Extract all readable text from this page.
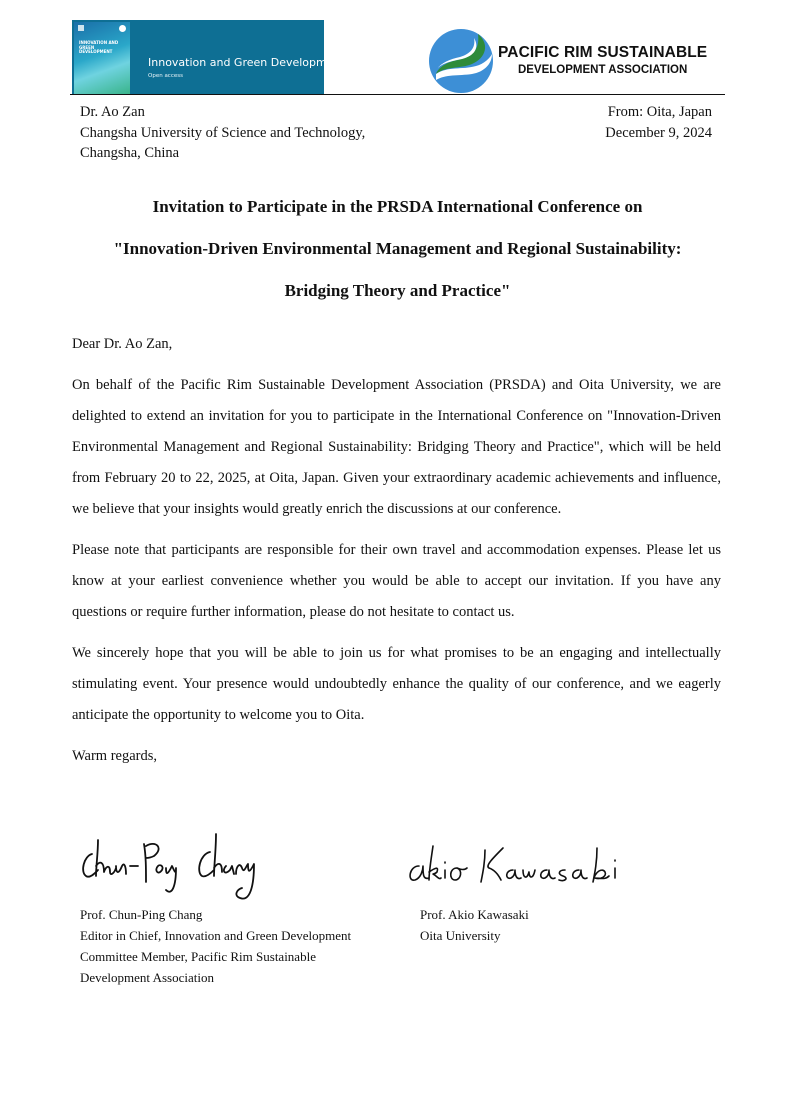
INNOVATION AND GREEN DEVELOPMENT
Innovation and Green Development
Open access
PACIFIC RIM SUSTAINABLE
DEVELOPMENT ASSOCIATION
Dr. Ao Zan
Changsha University of Science and Technology,
Changsha, China
From: Oita, Japan
December 9, 2024
Invitation to Participate in the PRSDA International Conference on
"Innovation-Driven Environmental Management and Regional Sustainability:
Bridging Theory and Practice"

Dear Dr. Ao Zan,

On behalf of the Pacific Rim Sustainable Development Association (PRSDA) and Oita University, we are delighted to extend an invitation for you to participate in the International Conference on "Innovation-Driven Environmental Management and Regional Sustainability: Bridging Theory and Practice", which will be held from February 20 to 22, 2025, at Oita, Japan. Given your extraordinary academic achievements and influence, we believe that your insights would greatly enrich the discussions at our conference.

Please note that participants are responsible for their own travel and accommodation expenses. Please let us know at your earliest convenience whether you would be able to accept our invitation. If you have any questions or require further information, please do not hesitate to contact us.

We sincerely hope that you will be able to join us for what promises to be an engaging and intellectually stimulating event. Your presence would undoubtedly enhance the quality of our conference, and we eagerly anticipate the opportunity to welcome you to Oita.

Warm regards,

Prof. Chun-Ping Chang
Editor in Chief, Innovation and Green Development
Committee Member, Pacific Rim Sustainable
Development Association
Prof. Akio Kawasaki
Oita University
